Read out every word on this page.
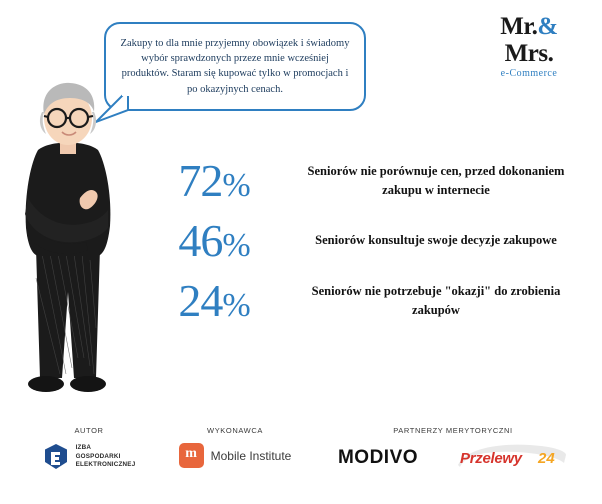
Mr.&
Mrs.
e-Commerce
Zakupy to dla mnie przyjemny obowiązek i świadomy wybór sprawdzonych przeze mnie wcześniej produktów. Staram się kupować tylko w promocjach i po okazyjnych cenach.
72%	Seniorów nie porównuje cen, przed dokonaniem zakupu w internecie
46%	Seniorów konsultuje swoje decyzje zakupowe
24%	Seniorów nie potrzebuje "okazji" do zrobienia zakupów
AUTOR
IZBA
GOSPODARKI
ELEKTRONICZNEJ
WYKONAWCA
m	Mobile Institute
PARTNERZY MERYTORYCZNI
MODIVO	Przelewy 24
